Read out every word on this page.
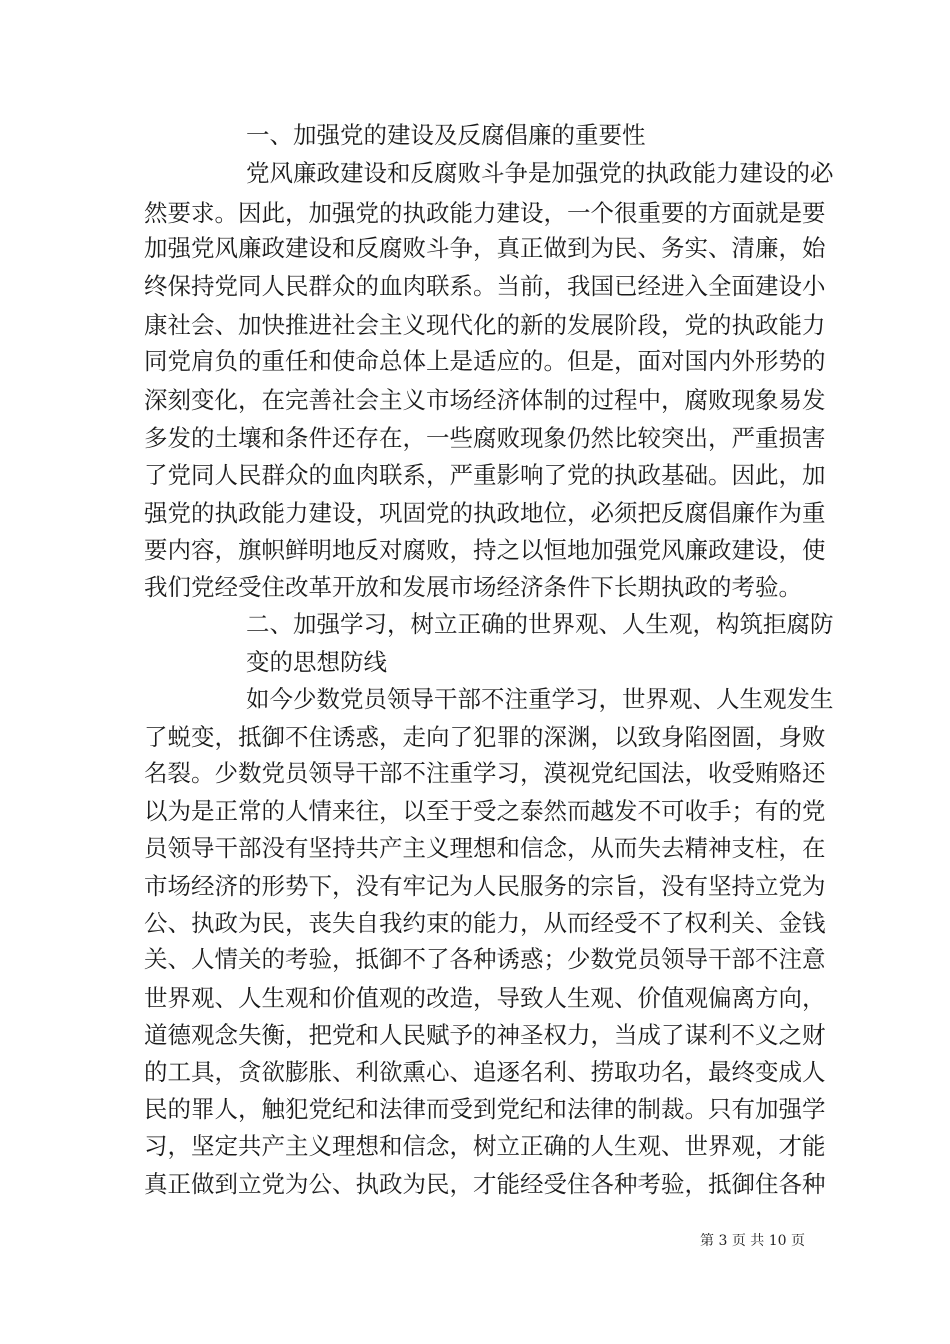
一、加强党的建设及反腐倡廉的重要性
党风廉政建设和反腐败斗争是加强党的执政能力建设的必
然要求。因此，加强党的执政能力建设，一个很重要的方面就是要
加强党风廉政建设和反腐败斗争，真正做到为民、务实、清廉，始
终保持党同人民群众的血肉联系。当前，我国已经进入全面建设小
康社会、加快推进社会主义现代化的新的发展阶段，党的执政能力
同党肩负的重任和使命总体上是适应的。但是，面对国内外形势的
深刻变化，在完善社会主义市场经济体制的过程中，腐败现象易发
多发的土壤和条件还存在，一些腐败现象仍然比较突出，严重损害
了党同人民群众的血肉联系，严重影响了党的执政基础。因此，加
强党的执政能力建设，巩固党的执政地位，必须把反腐倡廉作为重
要内容，旗帜鲜明地反对腐败，持之以恒地加强党风廉政建设，使
我们党经受住改革开放和发展市场经济条件下长期执政的考验。
二、加强学习，树立正确的世界观、人生观，构筑拒腐防
变的思想防线
如今少数党员领导干部不注重学习，世界观、人生观发生
了蜕变，抵御不住诱惑，走向了犯罪的深渊，以致身陷囹圄，身败
名裂。少数党员领导干部不注重学习，漠视党纪国法，收受贿赂还
以为是正常的人情来往，以至于受之泰然而越发不可收手；有的党
员领导干部没有坚持共产主义理想和信念，从而失去精神支柱，在
市场经济的形势下，没有牢记为人民服务的宗旨，没有坚持立党为
公、执政为民，丧失自我约束的能力，从而经受不了权利关、金钱
关、人情关的考验，抵御不了各种诱惑；少数党员领导干部不注意
世界观、人生观和价值观的改造，导致人生观、价值观偏离方向，
道德观念失衡，把党和人民赋予的神圣权力，当成了谋利不义之财
的工具，贪欲膨胀、利欲熏心、追逐名利、捞取功名，最终变成人
民的罪人，触犯党纪和法律而受到党纪和法律的制裁。只有加强学
习，坚定共产主义理想和信念，树立正确的人生观、世界观，才能
真正做到立党为公、执政为民，才能经受住各种考验，抵御住各种
第 3 页 共 10 页
